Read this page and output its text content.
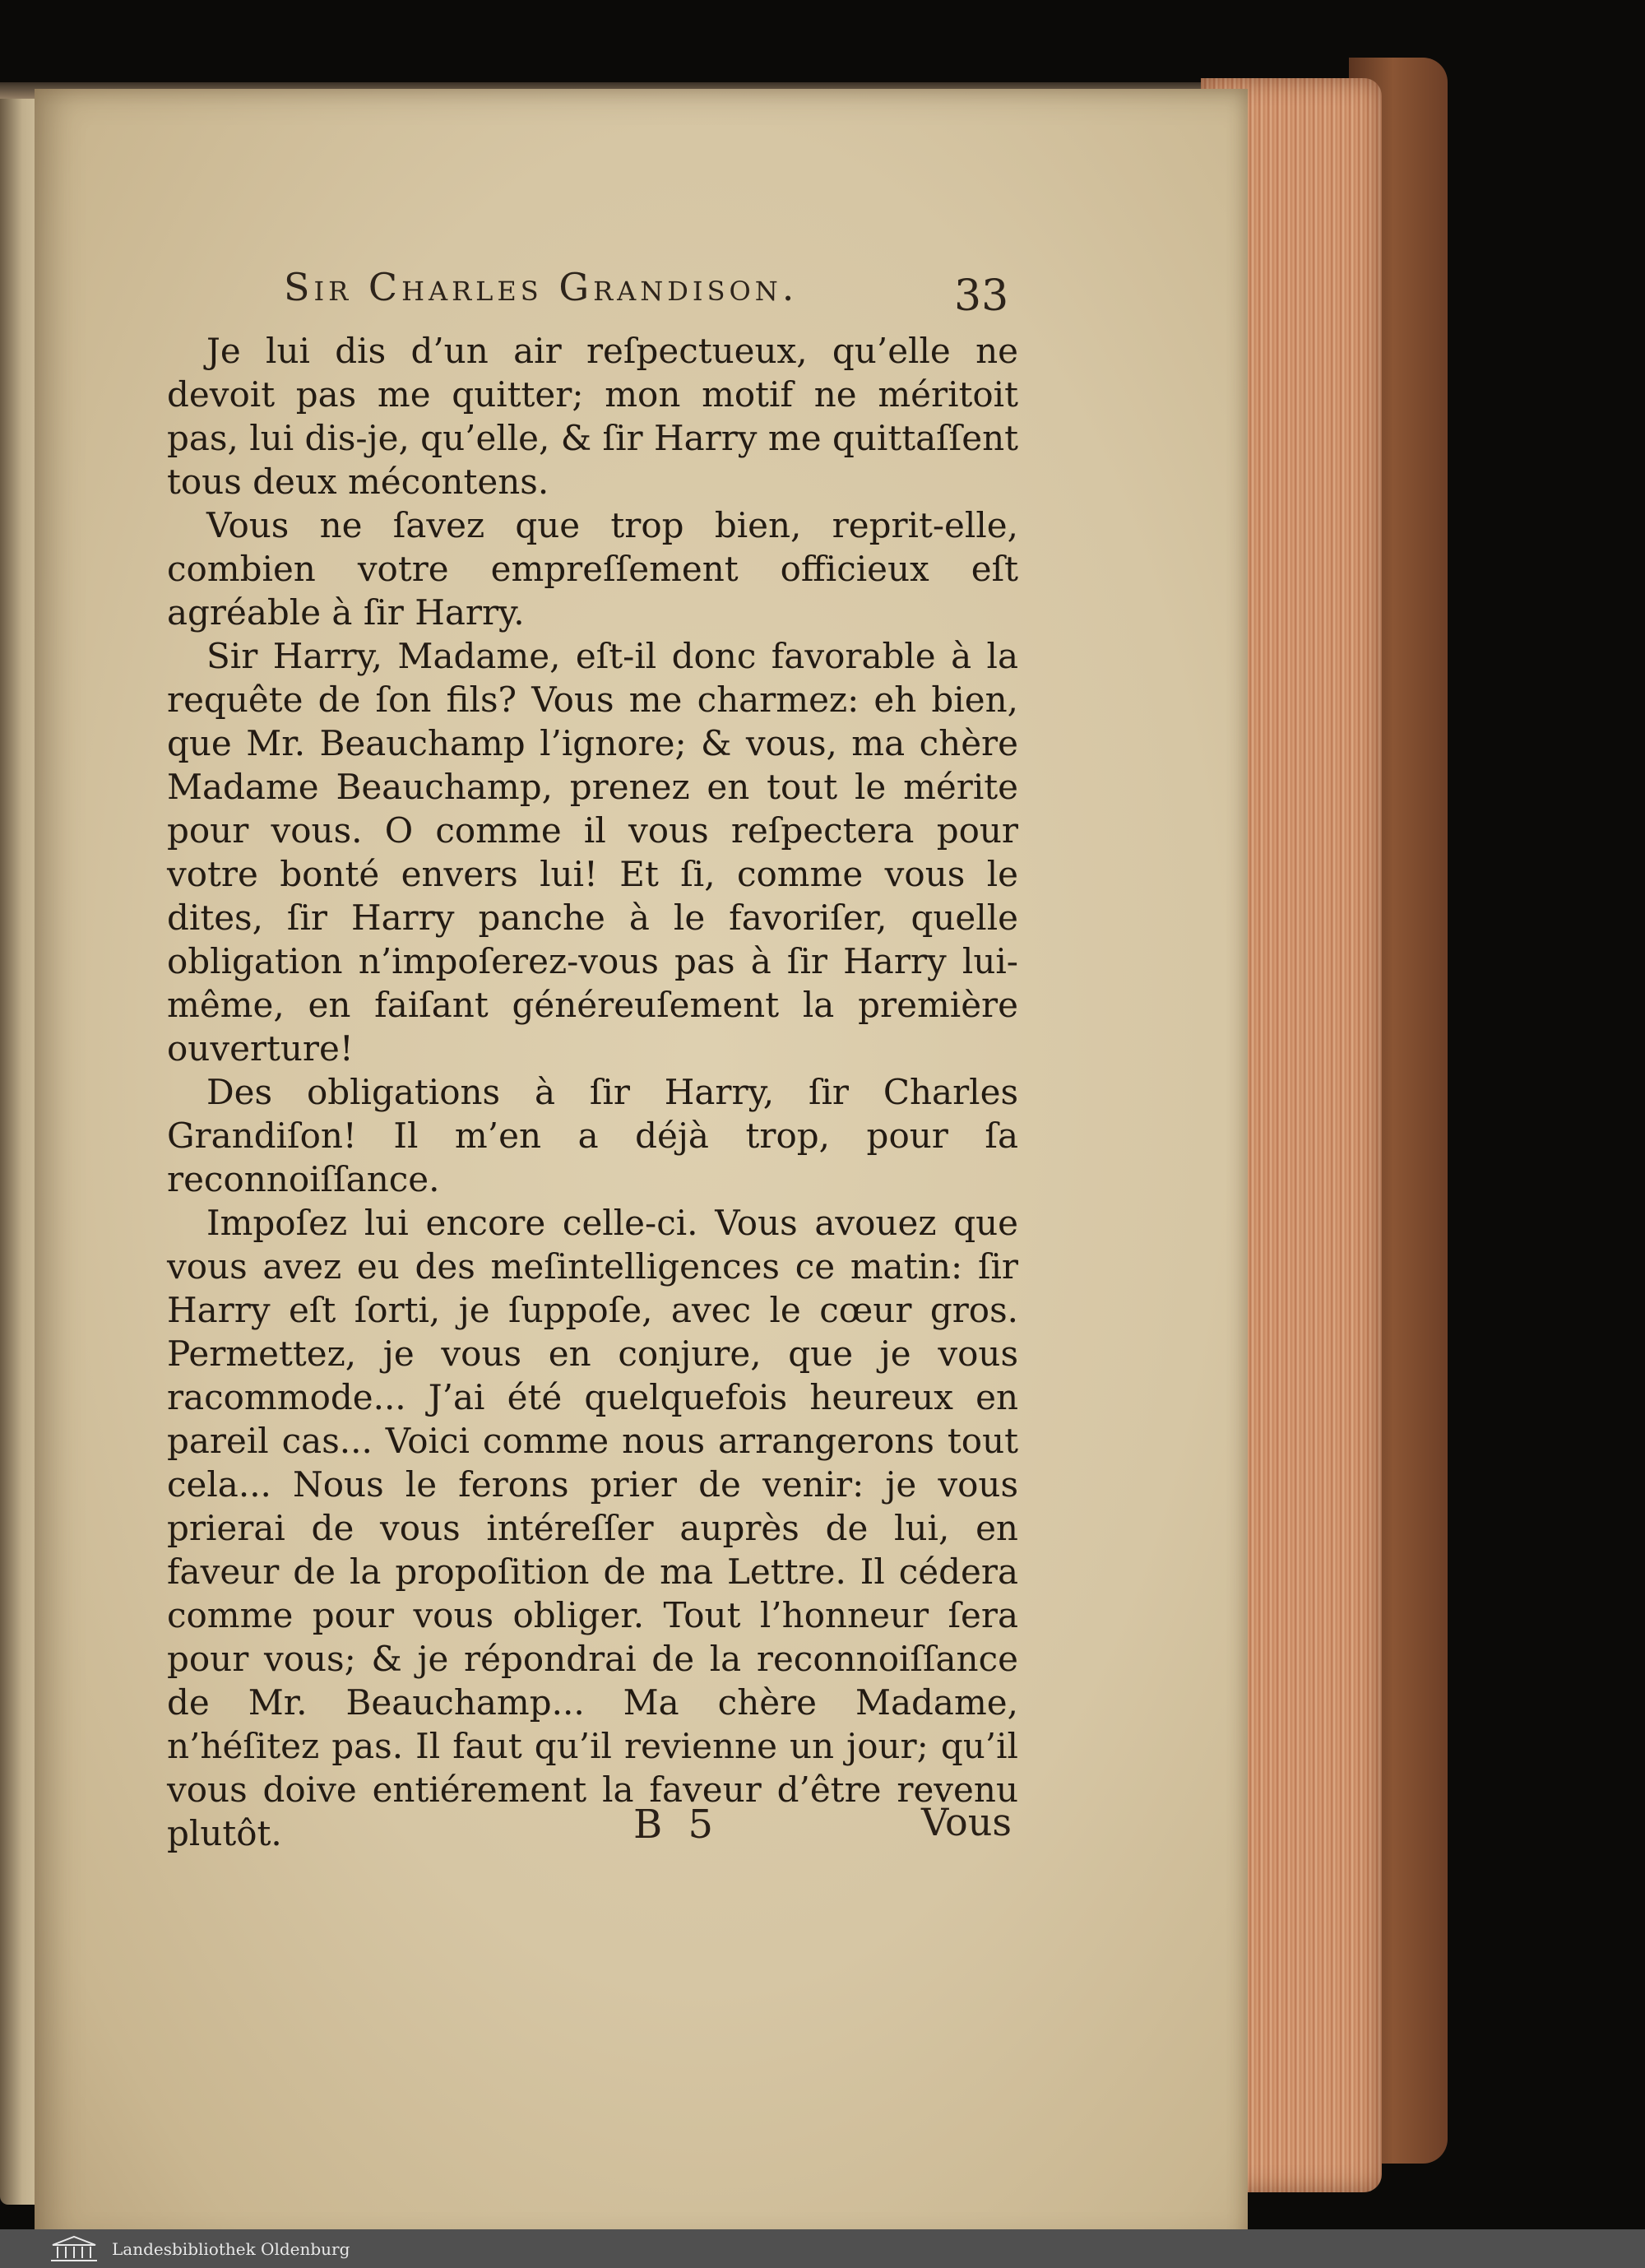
Sir Charles Grandison.	33

Je lui dis d’un air reſpectueux, qu’elle ne devoit pas me quitter; mon motif ne méritoit pas, lui dis-je, qu’elle, & ſir Harry me quittaſſent tous deux mécontens.

Vous ne ſavez que trop bien, reprit-elle, combien votre empreſſement officieux eſt agréable à ſir Harry.

Sir Harry, Madame, eſt-il donc favorable à la requête de ſon fils? Vous me charmez: eh bien, que Mr. Beauchamp l’ignore; & vous, ma chère Madame Beauchamp, prenez en tout le mérite pour vous. O comme il vous reſpectera pour votre bonté envers lui! Et ſi, comme vous le dites, ſir Harry panche à le favoriſer, quelle obligation n’impoſerez-vous pas à ſir Harry lui-même, en faiſant généreuſement la première ouverture!

Des obligations à ſir Harry, ſir Charles Grandiſon! Il m’en a déjà trop, pour ſa reconnoiſſance.

Impoſez lui encore celle-ci. Vous avouez que vous avez eu des meſintelligences ce matin: ſir Harry eſt ſorti, je ſuppoſe, avec le cœur gros. Permettez, je vous en conjure, que je vous racommode... J’ai été quelquefois heureux en pareil cas... Voici comme nous arrangerons tout cela... Nous le ferons prier de venir: je vous prierai de vous intéreſſer auprès de lui, en faveur de la propoſition de ma Lettre. Il cédera comme pour vous obliger. Tout l’honneur ſera pour vous; & je répondrai de la reconnoiſſance de Mr. Beauchamp... Ma chère Madame, n’héſitez pas. Il faut qu’il revienne un jour; qu’il vous doive entiérement la faveur d’être revenu plutôt.	B 5	Vous
Landesbibliothek Oldenburg
